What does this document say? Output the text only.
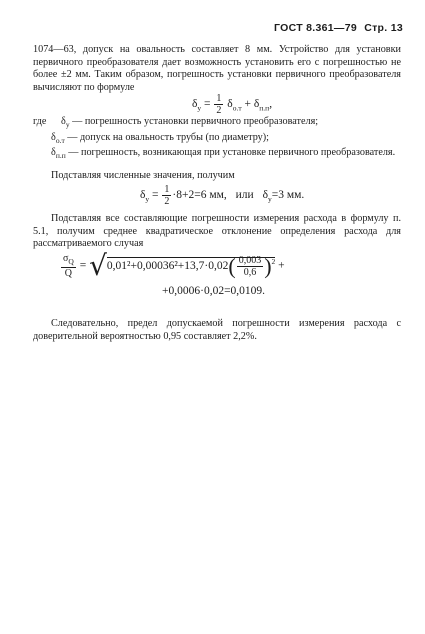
ГОСТ 8.361—79 Стр. 13
1074—63, допуск на овальность составляет 8 мм. Устройство для установки первичного преобразователя дает возможность установить его с погрешностью не более ±2 мм. Таким образом, погрешность установки первичного преобразователя вычисляют по формуле
$\delta_у = \frac{1}{2} \delta_{о.т} + \delta_{п.п}$,
где	$\delta_у$ — погрешность установки первичного преобразователя;
$\delta_{о.т}$ — допуск на овальность трубы (по диаметру);
$\delta_{п.п}$ — погрешность, возникающая при установке первичного преобразователя.
Подставляя численные значения, получим
$\delta_у = \frac{1}{2} \cdot 8+2=6$ мм, или $\delta_у=3$ мм.
Подставляя все составляющие погрешности измерения расхода в формулу п. 5.1, получим среднее квадратическое отклонение определения расхода для рассматриваемого случая
$\frac{\sigma_Q}{Q} = √0,01^2+0,00036^2+13,7\cdot 0,02( \frac{0,003}{0,6} )^2$ +
+0,0006·0,02=0,0109.
Следовательно, предел допускаемой погрешности измерения расхода с доверительной вероятностью 0,95 составляет 2,2%.
